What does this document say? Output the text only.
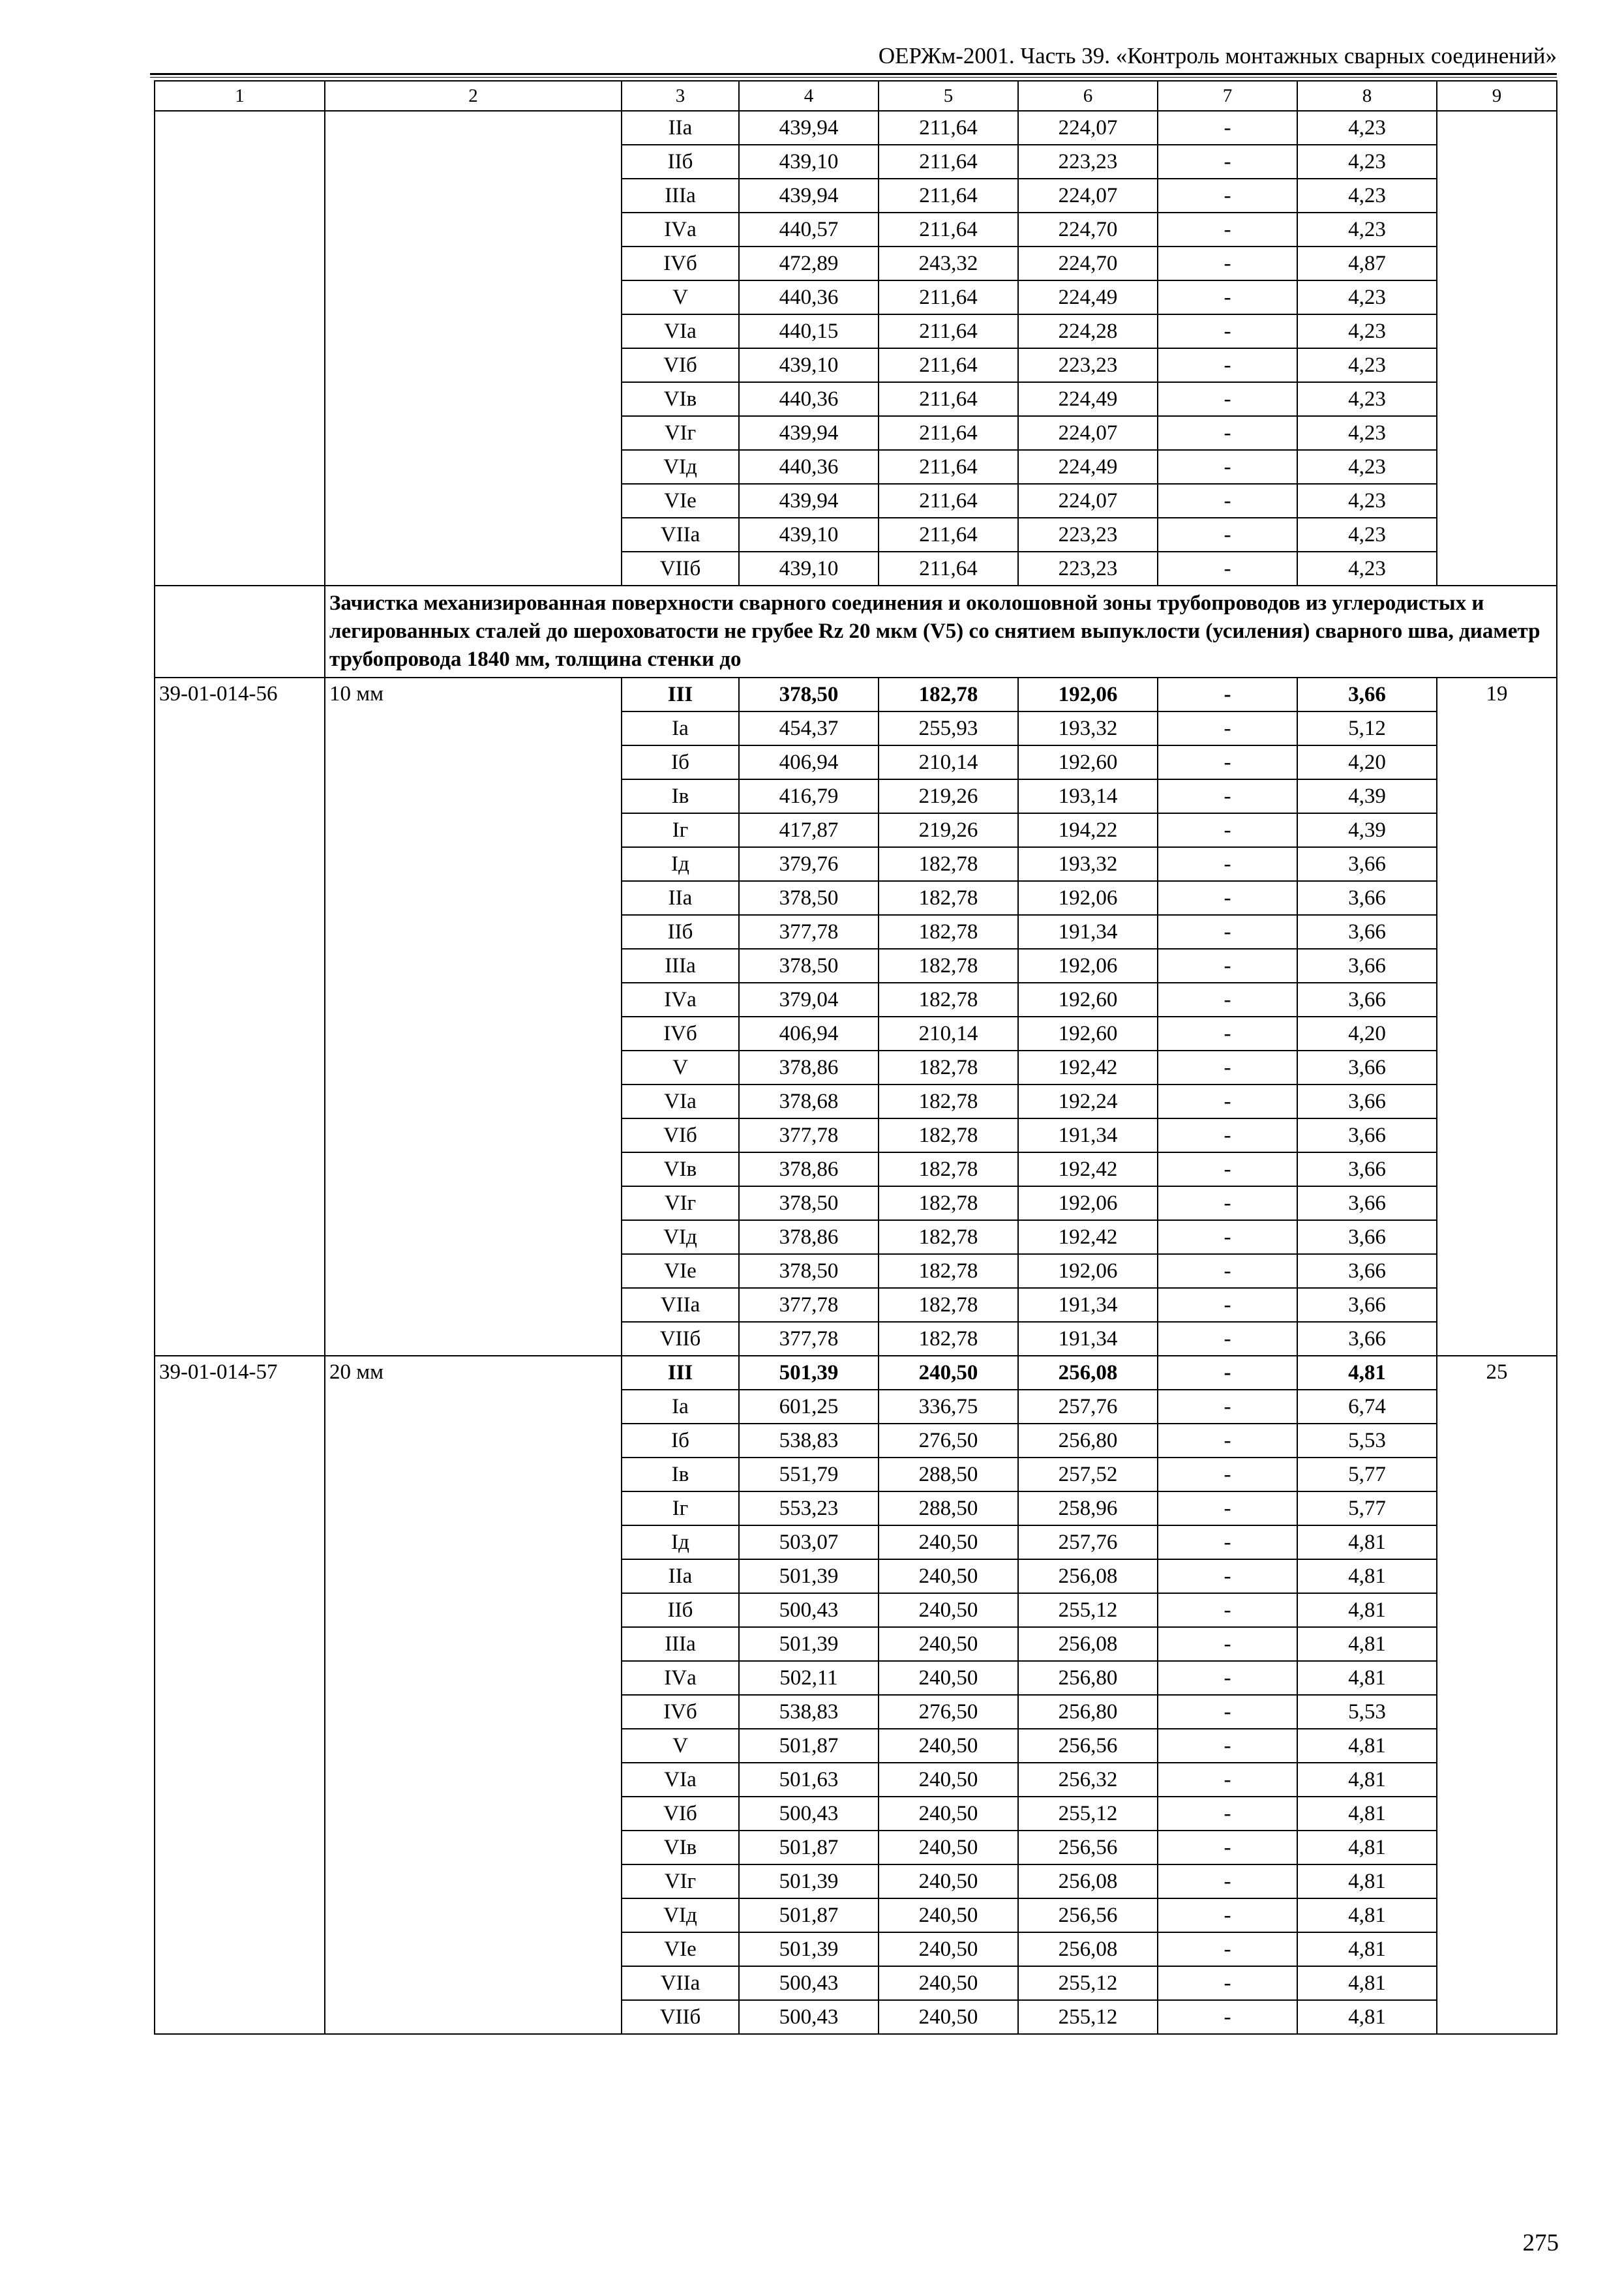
ОЕРЖм-2001. Часть 39. «Контроль монтажных сварных соединений»
1	2	3	4	5	6	7	8	9
		IIа	439,94	211,64	224,07	-	4,23	
		IIб	439,10	211,64	223,23	-	4,23	
		IIIа	439,94	211,64	224,07	-	4,23	
		IVа	440,57	211,64	224,70	-	4,23	
		IVб	472,89	243,32	224,70	-	4,87	
		V	440,36	211,64	224,49	-	4,23	
		VIа	440,15	211,64	224,28	-	4,23	
		VIб	439,10	211,64	223,23	-	4,23	
		VIв	440,36	211,64	224,49	-	4,23	
		VIг	439,94	211,64	224,07	-	4,23	
		VIд	440,36	211,64	224,49	-	4,23	
		VIе	439,94	211,64	224,07	-	4,23	
		VIIа	439,10	211,64	223,23	-	4,23	
		VIIб	439,10	211,64	223,23	-	4,23	
	Зачистка механизированная поверхности сварного соединения и околошовной зоны трубопроводов из углеродистых и легированных сталей до шероховатости не грубее Rz 20 мкм (V5) со снятием выпуклости (усиления) сварного шва, диаметр трубопровода 1840 мм, толщина стенки до							
39-01-014-56	10 мм	III	378,50	182,78	192,06	-	3,66	19
		Iа	454,37	255,93	193,32	-	5,12	
		Iб	406,94	210,14	192,60	-	4,20	
		Iв	416,79	219,26	193,14	-	4,39	
		Iг	417,87	219,26	194,22	-	4,39	
		Iд	379,76	182,78	193,32	-	3,66	
		IIа	378,50	182,78	192,06	-	3,66	
		IIб	377,78	182,78	191,34	-	3,66	
		IIIа	378,50	182,78	192,06	-	3,66	
		IVа	379,04	182,78	192,60	-	3,66	
		IVб	406,94	210,14	192,60	-	4,20	
		V	378,86	182,78	192,42	-	3,66	
		VIа	378,68	182,78	192,24	-	3,66	
		VIб	377,78	182,78	191,34	-	3,66	
		VIв	378,86	182,78	192,42	-	3,66	
		VIг	378,50	182,78	192,06	-	3,66	
		VIд	378,86	182,78	192,42	-	3,66	
		VIе	378,50	182,78	192,06	-	3,66	
		VIIа	377,78	182,78	191,34	-	3,66	
		VIIб	377,78	182,78	191,34	-	3,66	
39-01-014-57	20 мм	III	501,39	240,50	256,08	-	4,81	25
		Iа	601,25	336,75	257,76	-	6,74	
		Iб	538,83	276,50	256,80	-	5,53	
		Iв	551,79	288,50	257,52	-	5,77	
		Iг	553,23	288,50	258,96	-	5,77	
		Iд	503,07	240,50	257,76	-	4,81	
		IIа	501,39	240,50	256,08	-	4,81	
		IIб	500,43	240,50	255,12	-	4,81	
		IIIа	501,39	240,50	256,08	-	4,81	
		IVа	502,11	240,50	256,80	-	4,81	
		IVб	538,83	276,50	256,80	-	5,53	
		V	501,87	240,50	256,56	-	4,81	
		VIа	501,63	240,50	256,32	-	4,81	
		VIб	500,43	240,50	255,12	-	4,81	
		VIв	501,87	240,50	256,56	-	4,81	
		VIг	501,39	240,50	256,08	-	4,81	
		VIд	501,87	240,50	256,56	-	4,81	
		VIе	501,39	240,50	256,08	-	4,81	
		VIIа	500,43	240,50	255,12	-	4,81	
		VIIб	500,43	240,50	255,12	-	4,81	
275
